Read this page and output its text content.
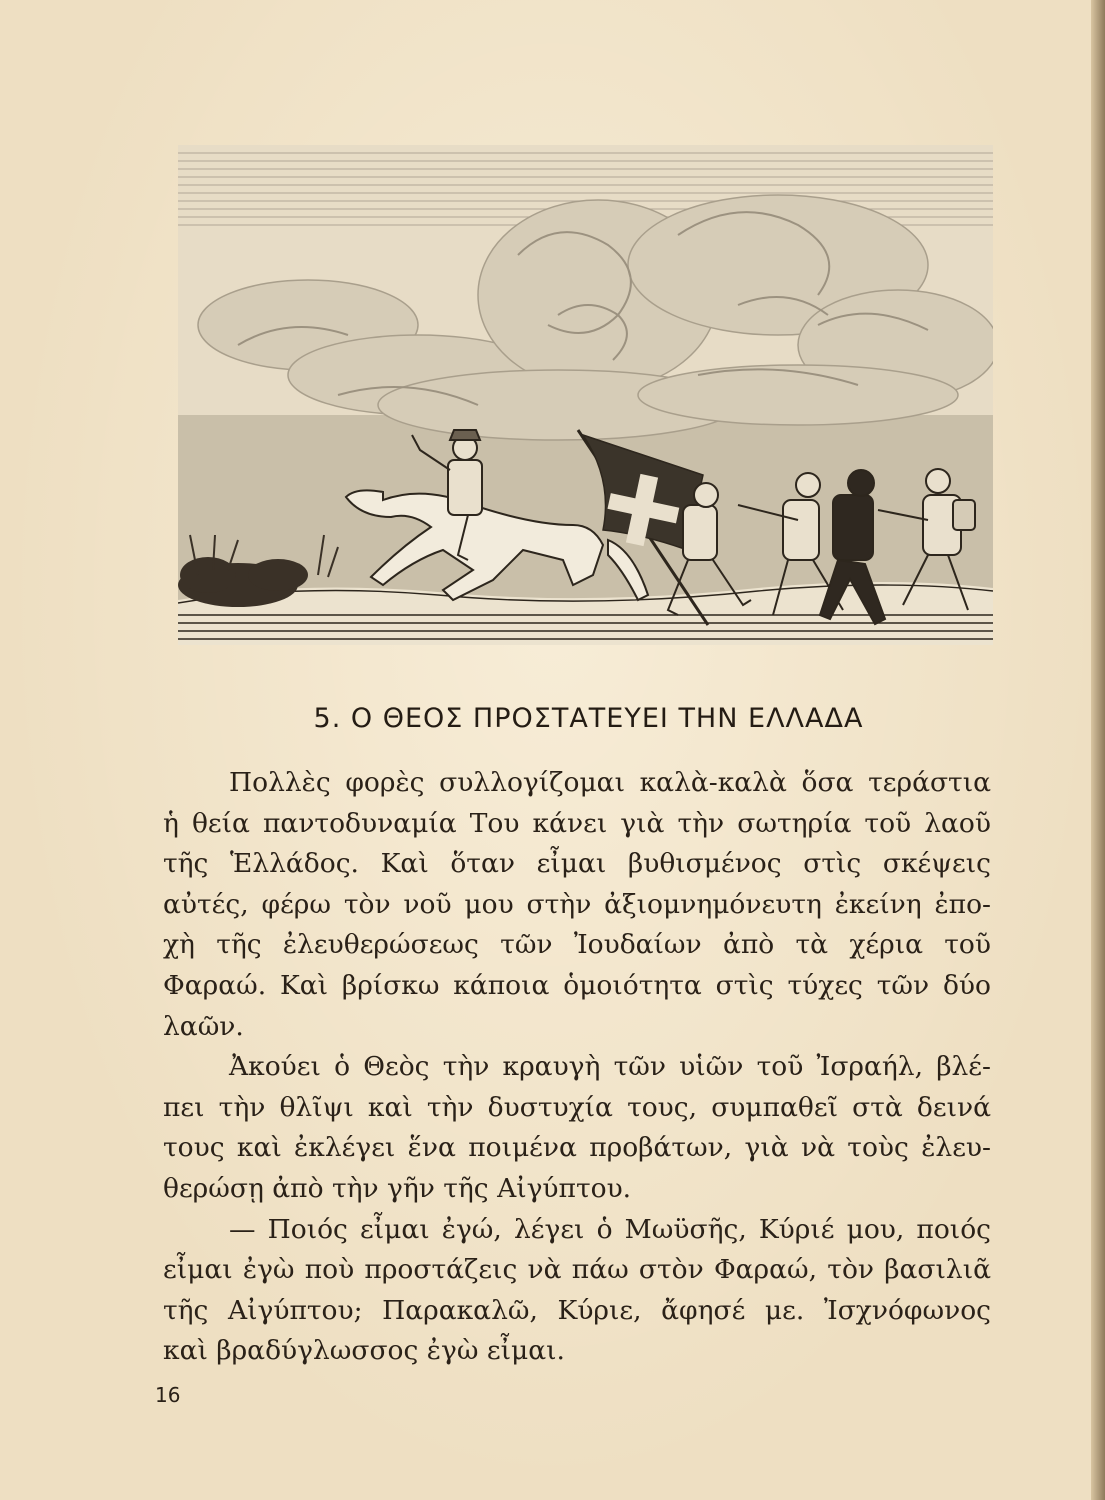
5. Ο ΘΕΟΣ ΠΡΟΣΤΑΤΕΥΕΙ ΤΗΝ ΕΛΛΑΔΑ
Πολλὲς φορὲς συλλογίζομαι καλὰ-καλὰ ὅσα τεράστια
ἡ θεία παντοδυναμία Του κάνει γιὰ τὴν σωτηρία τοῦ λαοῦ
τῆς Ἑλλάδος. Καὶ ὅταν εἶμαι βυθισμένος στὶς σκέψεις
αὐτές, φέρω τὸν νοῦ μου στὴν ἀξιομνημόνευτη ἐκείνη ἐπο-
χὴ τῆς ἐλευθερώσεως τῶν Ἰουδαίων ἀπὸ τὰ χέρια τοῦ
Φαραώ. Καὶ βρίσκω κάποια ὁμοιότητα στὶς τύχες τῶν δύο
λαῶν.
Ἀκούει ὁ Θεὸς τὴν κραυγὴ τῶν υἱῶν τοῦ Ἰσραήλ, βλέ-
πει τὴν θλῖψι καὶ τὴν δυστυχία τους, συμπαθεῖ στὰ δεινά
τους καὶ ἐκλέγει ἕνα ποιμένα προβάτων, γιὰ νὰ τοὺς ἐλευ-
θερώσῃ ἀπὸ τὴν γῆν τῆς Αἰγύπτου.
— Ποιός εἶμαι ἐγώ, λέγει ὁ Μωϋσῆς, Κύριέ μου, ποιός
εἶμαι ἐγὼ ποὺ προστάζεις νὰ πάω στὸν Φαραώ, τὸν βασιλιᾶ
τῆς Αἰγύπτου; Παρακαλῶ, Κύριε, ἄφησέ με. Ἰσχνόφωνος
καὶ βραδύγλωσσος ἐγὼ εἶμαι.
16
